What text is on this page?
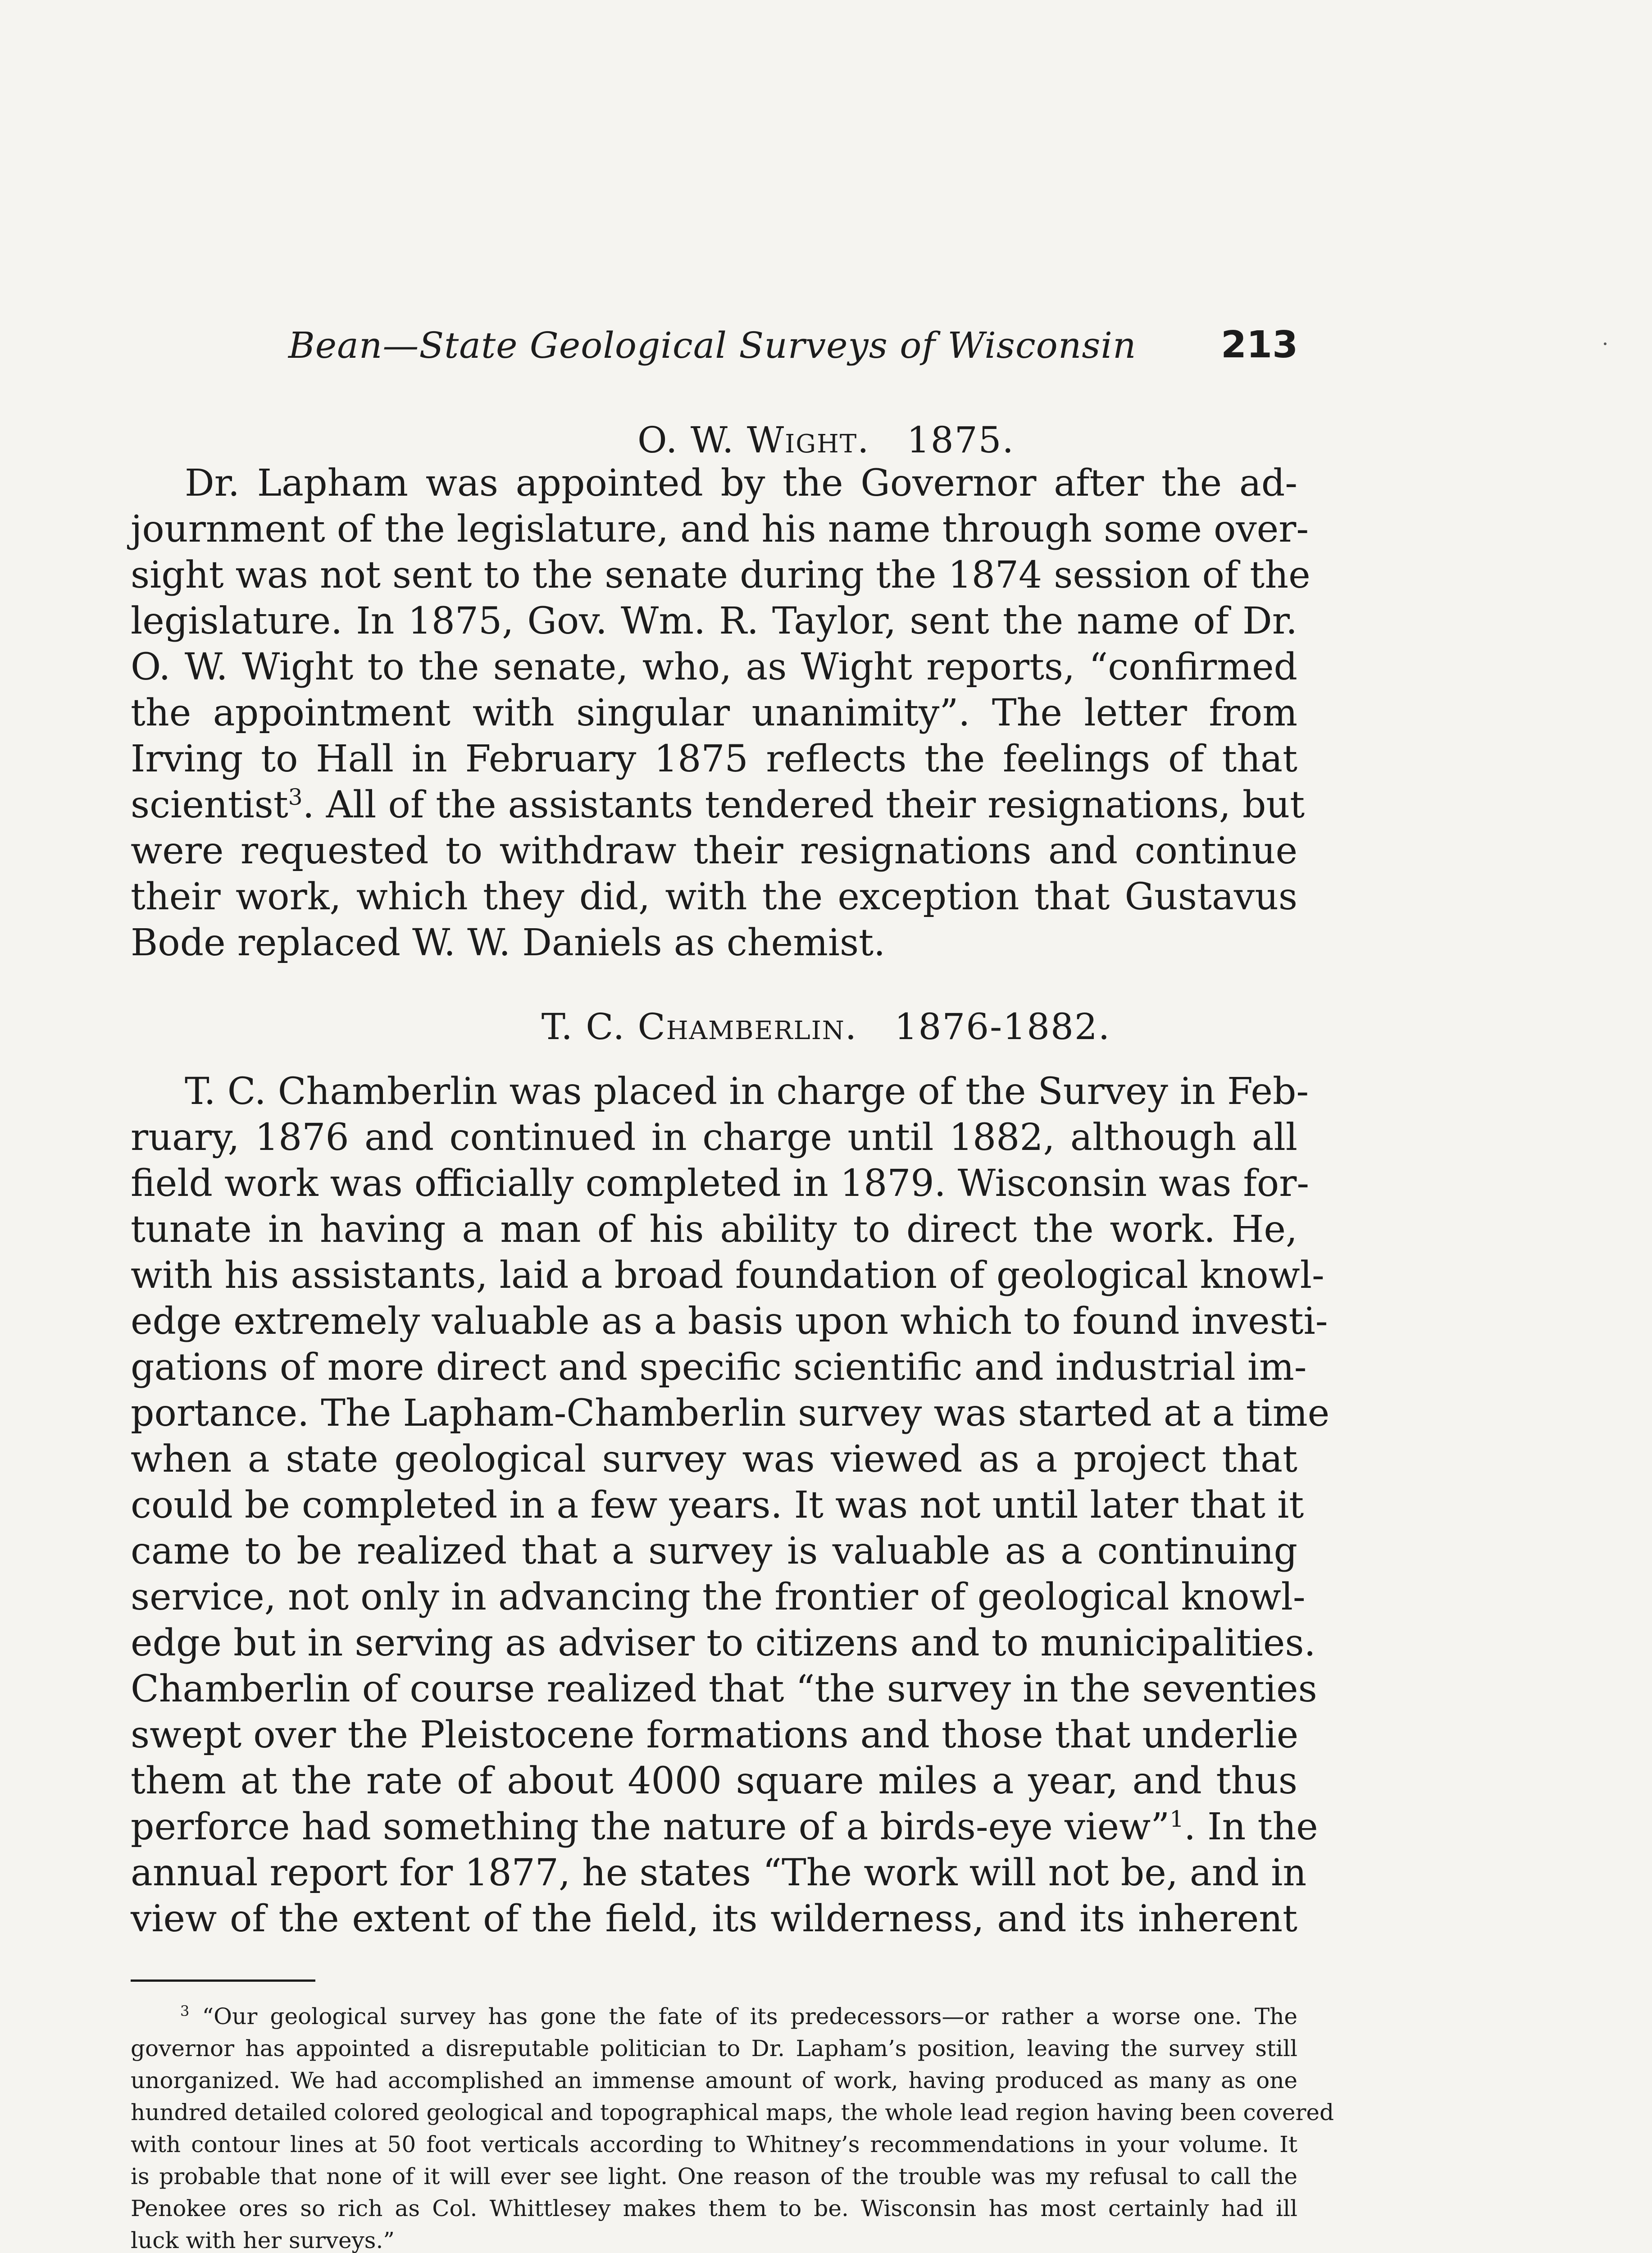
Bean—State Geological Surveys of Wisconsin	213
O. W. Wight. 1875.
Dr. Lapham was appointed by the Governor after the ad-
journment of the legislature, and his name through some over-
sight was not sent to the senate during the 1874 session of the
legislature. In 1875, Gov. Wm. R. Taylor, sent the name of Dr.
O. W. Wight to the senate, who, as Wight reports, “confirmed
the appointment with singular unanimity”. The letter from
Irving to Hall in February 1875 reflects the feelings of that
scientist$^3$. All of the assistants tendered their resignations, but
were requested to withdraw their resignations and continue
their work, which they did, with the exception that Gustavus
Bode replaced W. W. Daniels as chemist.
T. C. Chamberlin. 1876-1882.
T. C. Chamberlin was placed in charge of the Survey in Feb-
ruary, 1876 and continued in charge until 1882, although all
field work was officially completed in 1879. Wisconsin was for-
tunate in having a man of his ability to direct the work. He,
with his assistants, laid a broad foundation of geological knowl-
edge extremely valuable as a basis upon which to found investi-
gations of more direct and specific scientific and industrial im-
portance. The Lapham-Chamberlin survey was started at a time
when a state geological survey was viewed as a project that
could be completed in a few years. It was not until later that it
came to be realized that a survey is valuable as a continuing
service, not only in advancing the frontier of geological knowl-
edge but in serving as adviser to citizens and to municipalities.
Chamberlin of course realized that “the survey in the seventies
swept over the Pleistocene formations and those that underlie
them at the rate of about 4000 square miles a year, and thus
perforce had something the nature of a birds-eye view”$^1$. In the
annual report for 1877, he states “The work will not be, and in
view of the extent of the field, its wilderness, and its inherent
$^3$ “Our geological survey has gone the fate of its predecessors—or rather a worse one. The
governor has appointed a disreputable politician to Dr. Lapham’s position, leaving the survey still
unorganized. We had accomplished an immense amount of work, having produced as many as one
hundred detailed colored geological and topographical maps, the whole lead region having been covered
with contour lines at 50 foot verticals according to Whitney’s recommendations in your volume. It
is probable that none of it will ever see light. One reason of the trouble was my refusal to call the
Penokee ores so rich as Col. Whittlesey makes them to be. Wisconsin has most certainly had ill
luck with her surveys.”
